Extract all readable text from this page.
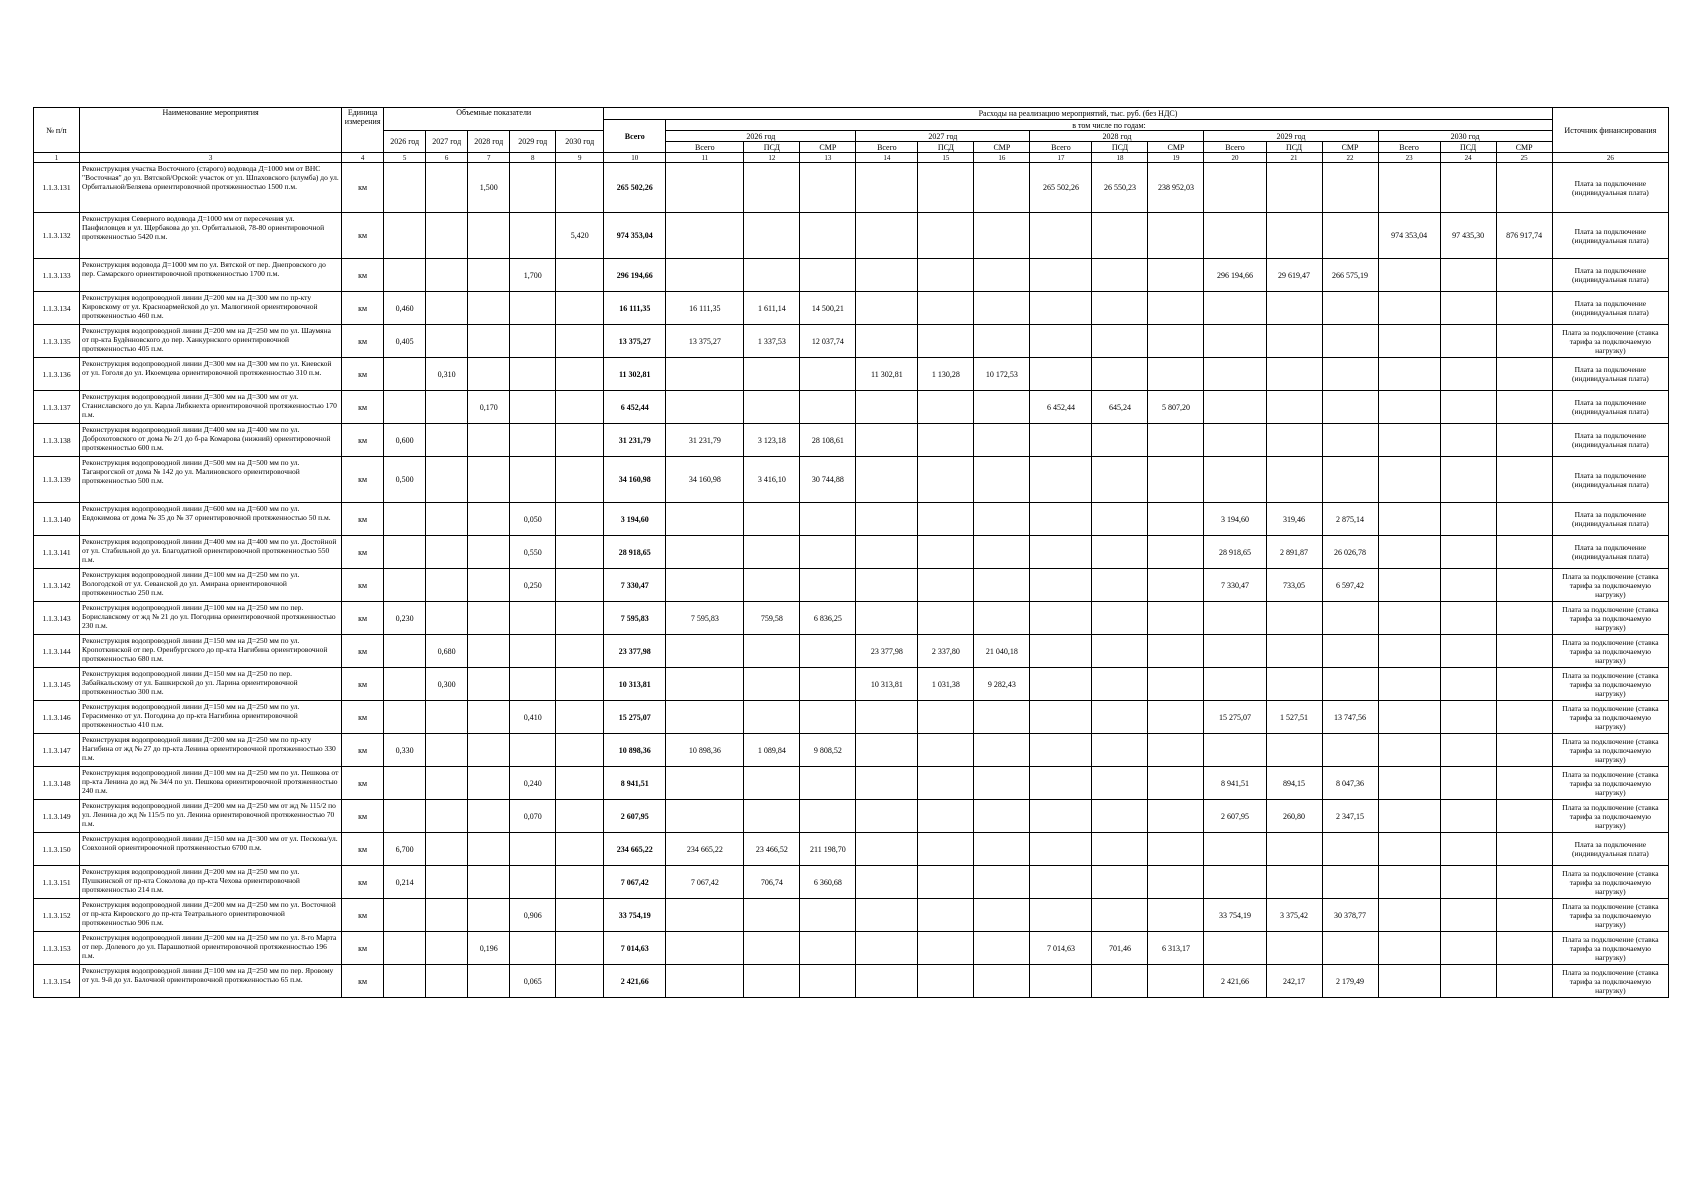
№ п/п	Наименование мероприятия	Единица измерения	Объемные показатели					Расходы на реализацию мероприятий, тыс. руб. (без НДС)																Источник финансирования
								Всего	в том числе по годам:															
			2026 год	2027 год	2028 год	2029 год	2030 год		2026 год			2027 год			2028 год			2029 год			2030 год			
									Всего	ПСД	СМР	Всего	ПСД	СМР	Всего	ПСД	СМР	Всего	ПСД	СМР	Всего	ПСД	СМР	
1	3	4	5	6	7	8	9	10	11	12	13	14	15	16	17	18	19	20	21	22	23	24	25	26
1.1.3.131	Реконструкция участка Восточного (старого) водовода Д=1000 мм от ВНС "Восточная" до ул. Вятской/Орской: участок от ул. Шпаховского (клумба) до ул. Орбитальной/Беляева ориентировочной протяженностью 1500 п.м.	км			1,500			265 502,26							265 502,26	26 550,23	238 952,03							Плата за подключение (индивидуальная плата)
1.1.3.132	Реконструкция Северного водовода Д=1000 мм от пересечения ул. Панфиловцев и ул. Щербакова до ул. Орбитальной, 78-80 ориентировочной протяженностью 5420 п.м.	км					5,420	974 353,04													974 353,04	97 435,30	876 917,74	Плата за подключение (индивидуальная плата)
1.1.3.133	Реконструкция водовода Д=1000 мм по ул. Вятской от пер. Днепровского до пер. Самарского ориентировочной протяженностью 1700 п.м.	км				1,700		296 194,66										296 194,66	29 619,47	266 575,19				Плата за подключение (индивидуальная плата)
1.1.3.134	Реконструкция водопроводной линии Д=200 мм на Д=300 мм по пр-кту Кировскому от ул. Красноармейской до ул. Малюгиной ориентировочной протяженностью 460 п.м.	км	0,460					16 111,35	16 111,35	1 611,14	14 500,21													Плата за подключение (индивидуальная плата)
1.1.3.135	Реконструкция водопроводной линии Д=200 мм на Д=250 мм по ул. Шаумяна от пр-кта Будённовского до пер. Ханкурнского ориентировочной протяженностью 405 п.м.	км	0,405					13 375,27	13 375,27	1 337,53	12 037,74													Плата за подключение (ставка тарифа за подключаемую нагрузку)
1.1.3.136	Реконструкция водопроводной линии Д=300 мм на Д=300 мм по ул. Киевской от ул. Гоголя до ул. Икоемцева ориентировочной протяженностью 310 п.м.	км		0,310				11 302,81				11 302,81	1 130,28	10 172,53										Плата за подключение (индивидуальная плата)
1.1.3.137	Реконструкция водопроводной линии Д=300 мм на Д=300 мм от ул. Станиславского до ул. Карла Либкнехта ориентировочной протяженностью 170 п.м.	км			0,170			6 452,44							6 452,44	645,24	5 807,20							Плата за подключение (индивидуальная плата)
1.1.3.138	Реконструкция водопроводной линии Д=400 мм на Д=400 мм по ул. Доброхотовского от дома № 2/1 до б-ра Комарова (нижний) ориентировочной протяженностью 600 п.м.	км	0,600					31 231,79	31 231,79	3 123,18	28 108,61													Плата за подключение (индивидуальная плата)
1.1.3.139	Реконструкция водопроводной линии Д=500 мм на Д=500 мм по ул. Таганрогской от дома № 142 до ул. Малиновского ориентировочной протяженностью 500 п.м.	км	0,500					34 160,98	34 160,98	3 416,10	30 744,88													Плата за подключение (индивидуальная плата)
1.1.3.140	Реконструкция водопроводной линии Д=600 мм на Д=600 мм по ул. Евдокимова от дома № 35 до № 37 ориентировочной протяженностью 50 п.м.	км				0,050		3 194,60										3 194,60	319,46	2 875,14				Плата за подключение (индивидуальная плата)
1.1.3.141	Реконструкция водопроводной линии Д=400 мм на Д=400 мм по ул. Достойной от ул. Стабильной до ул. Благодатной ориентировочной протяженностью 550 п.м.	км				0,550		28 918,65										28 918,65	2 891,87	26 026,78				Плата за подключение (индивидуальная плата)
1.1.3.142	Реконструкция водопроводной линии Д=100 мм на Д=250 мм по ул. Вологодской от ул. Севанской до ул. Амирана ориентировочной протяженностью 250 п.м.	км				0,250		7 330,47										7 330,47	733,05	6 597,42				Плата за подключение (ставка тарифа за подключаемую нагрузку)
1.1.3.143	Реконструкция водопроводной линии Д=100 мм на Д=250 мм по пер. Бориславскому от жд № 21 до ул. Погодина ориентировочной протяженностью 230 п.м.	км	0,230					7 595,83	7 595,83	759,58	6 836,25													Плата за подключение (ставка тарифа за подключаемую нагрузку)
1.1.3.144	Реконструкция водопроводной линии Д=150 мм на Д=250 мм по ул. Кропоткинской от пер. Оренбургского до пр-кта Нагибина ориентировочной протяженностью 680 п.м.	км		0,680				23 377,98				23 377,98	2 337,80	21 040,18										Плата за подключение (ставка тарифа за подключаемую нагрузку)
1.1.3.145	Реконструкция водопроводной линии Д=150 мм на Д=250 по пер. Забайкальскому от ул. Башкирской до ул. Ларина ориентировочной протяженностью 300 п.м.	км		0,300				10 313,81				10 313,81	1 031,38	9 282,43										Плата за подключение (ставка тарифа за подключаемую нагрузку)
1.1.3.146	Реконструкция водопроводной линии Д=150 мм на Д=250 мм по ул. Герасименко от ул. Погодина до пр-кта Нагибина ориентировочной протяженностью 410 п.м.	км				0,410		15 275,07										15 275,07	1 527,51	13 747,56				Плата за подключение (ставка тарифа за подключаемую нагрузку)
1.1.3.147	Реконструкция водопроводной линии Д=200 мм на Д=250 мм по пр-кту Нагибина от жд № 27 до пр-кта Ленина ориентировочной протяженностью 330 п.м.	км	0,330					10 898,36	10 898,36	1 089,84	9 808,52													Плата за подключение (ставка тарифа за подключаемую нагрузку)
1.1.3.148	Реконструкция водопроводной линии Д=100 мм на Д=250 мм по ул. Пешкова от пр-кта Ленина до жд № 34/4 по ул. Пешкова ориентировочной протяженностью 240 п.м.	км				0,240		8 941,51										8 941,51	894,15	8 047,36				Плата за подключение (ставка тарифа за подключаемую нагрузку)
1.1.3.149	Реконструкция водопроводной линии Д=200 мм на Д=250 мм от жд № 115/2 по ул. Ленина до жд № 115/5 по ул. Ленина ориентировочной протяженностью 70 п.м.	км				0,070		2 607,95										2 607,95	260,80	2 347,15				Плата за подключение (ставка тарифа за подключаемую нагрузку)
1.1.3.150	Реконструкция водопроводной линии Д=150 мм на Д=300 мм от ул. Пескова/ул. Совхозной ориентировочной протяженностью 6700 п.м.	км	6,700					234 665,22	234 665,22	23 466,52	211 198,70													Плата за подключение (индивидуальная плата)
1.1.3.151	Реконструкция водопроводной линии Д=200 мм на Д=250 мм по ул. Пушкинской от пр-кта Соколова до пр-кта Чехова ориентировочной протяженностью 214 п.м.	км	0,214					7 067,42	7 067,42	706,74	6 360,68													Плата за подключение (ставка тарифа за подключаемую нагрузку)
1.1.3.152	Реконструкция водопроводной линии Д=200 мм на Д=250 мм по ул. Восточной от пр-кта Кировского до пр-кта Театрального ориентировочной протяженностью 906 п.м.	км				0,906		33 754,19										33 754,19	3 375,42	30 378,77				Плата за подключение (ставка тарифа за подключаемую нагрузку)
1.1.3.153	Реконструкция водопроводной линии Д=200 мм на Д=250 мм по ул. 8-го Марта от пер. Долевого до ул. Парашютной ориентировочной протяженностью 196 п.м.	км			0,196			7 014,63							7 014,63	701,46	6 313,17							Плата за подключение (ставка тарифа за подключаемую нагрузку)
1.1.3.154	Реконструкция водопроводной линии Д=100 мм на Д=250 мм по пер. Яровому от ул. 9-й до ул. Балочной ориентировочной протяженностью 65 п.м.	км				0,065		2 421,66										2 421,66	242,17	2 179,49				Плата за подключение (ставка тарифа за подключаемую нагрузку)
